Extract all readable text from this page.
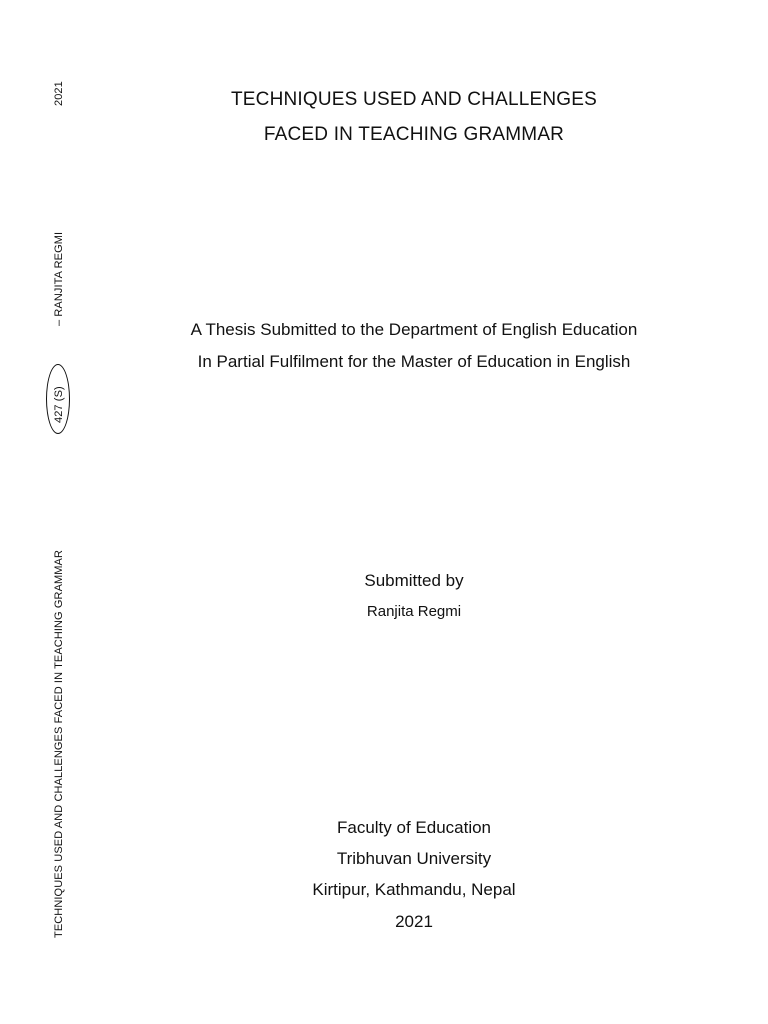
2021
– RANJITA REGMI
427 (S)
TECHNIQUES USED AND CHALLENGES FACED IN TEACHING GRAMMAR
TECHNIQUES USED AND CHALLENGES
FACED IN TEACHING GRAMMAR
A Thesis Submitted to the Department of English Education
In Partial Fulfilment for the Master of Education in English
Submitted by
Ranjita Regmi
Faculty of Education
Tribhuvan University
Kirtipur, Kathmandu, Nepal
2021
